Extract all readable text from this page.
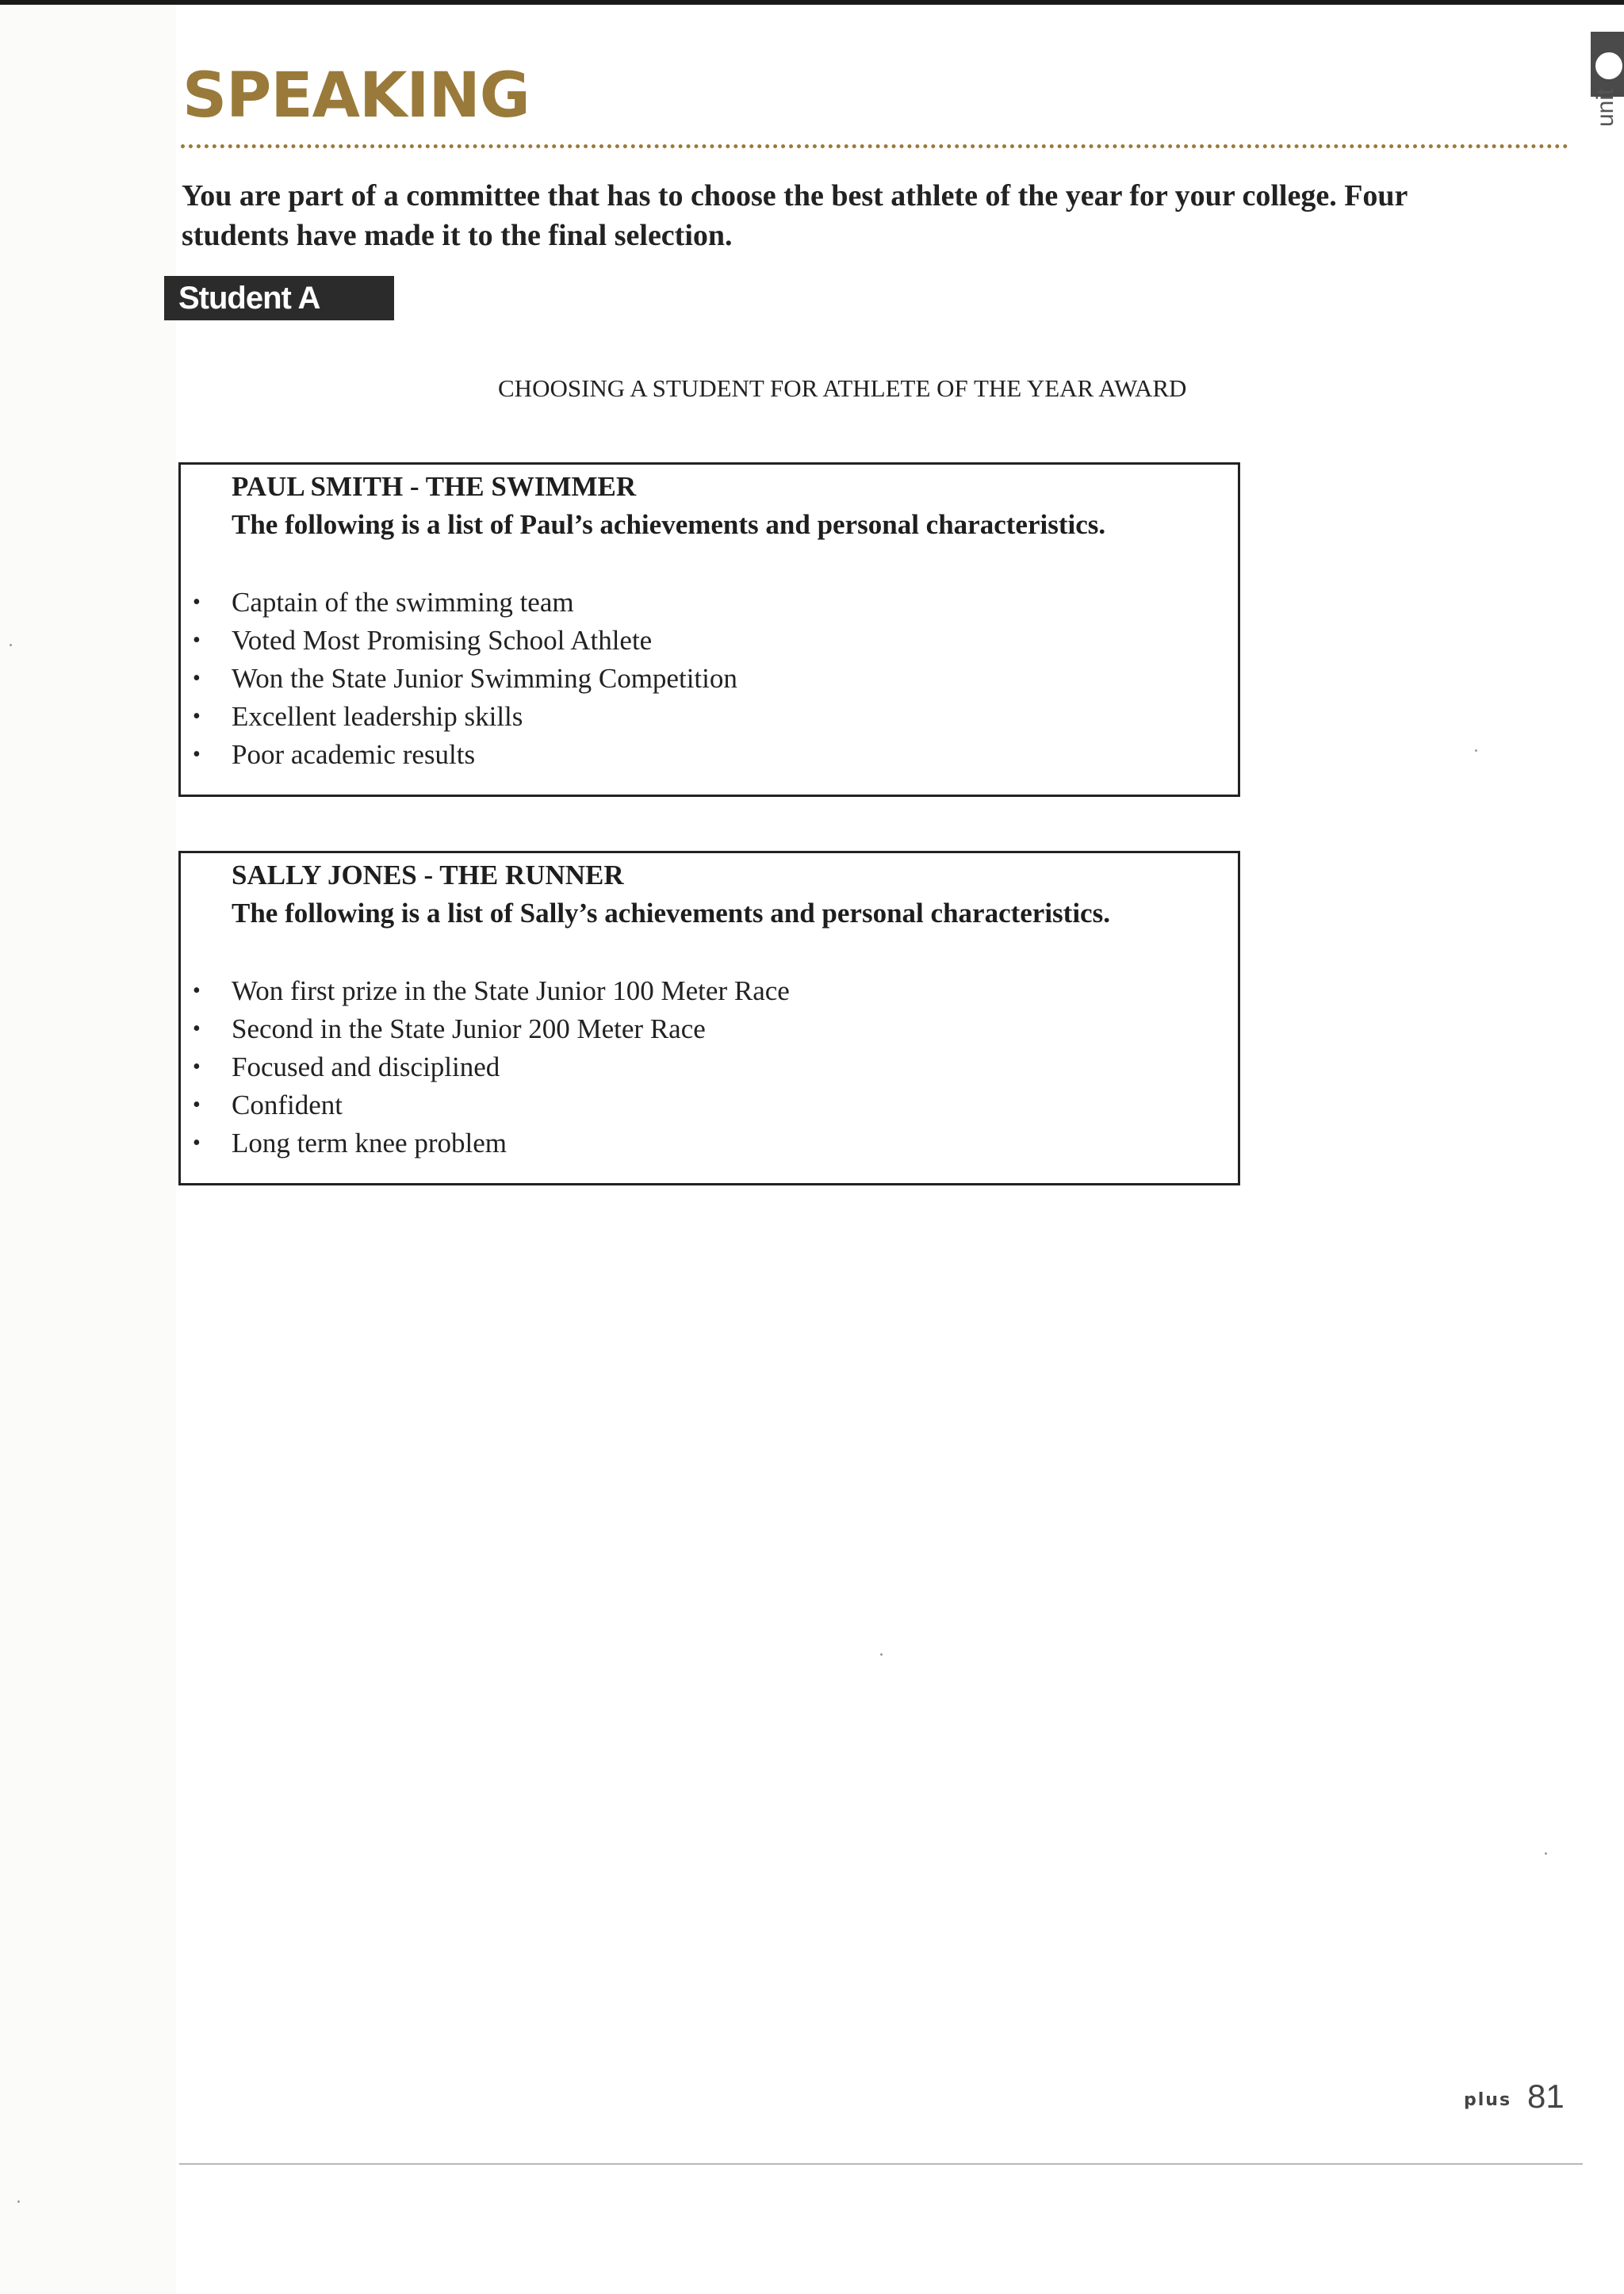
unit
SPEAKING

You are part of a committee that has to choose the best athlete of the year for your college. Four students have made it to the final selection.

Student A

CHOOSING A STUDENT FOR ATHLETE OF THE YEAR AWARD

PAUL SMITH - THE SWIMMER

The following is a list of Paul’s achievements and personal characteristics.

• Captain of the swimming team
• Voted Most Promising School Athlete
• Won the State Junior Swimming Competition
• Excellent leadership skills
• Poor academic results

SALLY JONES - THE RUNNER

The following is a list of Sally’s achievements and personal characteristics.

• Won first prize in the State Junior 100 Meter Race
• Second in the State Junior 200 Meter Race
• Focused and disciplined
• Confident
• Long term knee problem
plus 81
